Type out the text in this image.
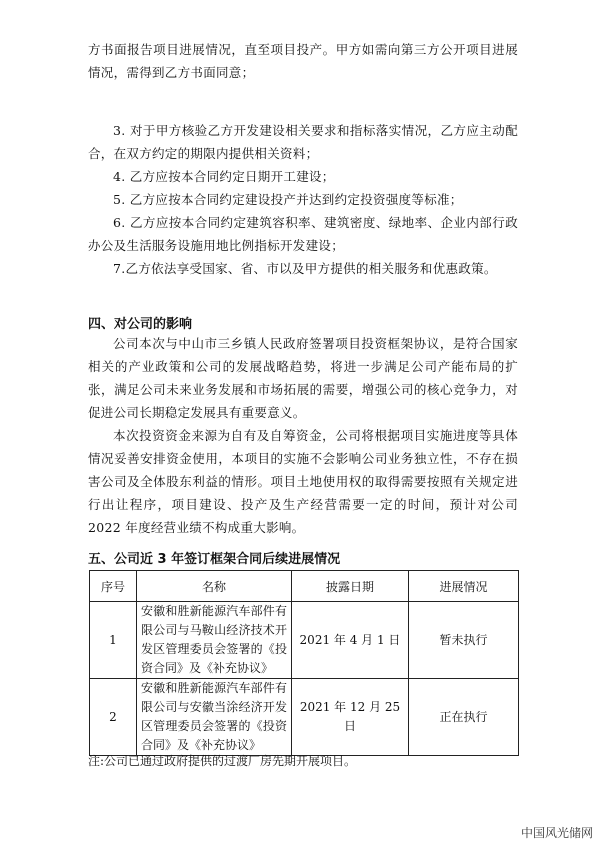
方书面报告项目进展情况，直至项目投产。甲方如需向第三方公开项目进展情况，需得到乙方书面同意；

3. 对于甲方核验乙方开发建设相关要求和指标落实情况，乙方应主动配合，在双方约定的期限内提供相关资料；

4. 乙方应按本合同约定日期开工建设；

5. 乙方应按本合同约定建设投产并达到约定投资强度等标准；

6. 乙方应按本合同约定建筑容积率、建筑密度、绿地率、企业内部行政办公及生活服务设施用地比例指标开发建设；

7.乙方依法享受国家、省、市以及甲方提供的相关服务和优惠政策。

四、对公司的影响

公司本次与中山市三乡镇人民政府签署项目投资框架协议，是符合国家相关的产业政策和公司的发展战略趋势，将进一步满足公司产能布局的扩张，满足公司未来业务发展和市场拓展的需要，增强公司的核心竞争力，对促进公司长期稳定发展具有重要意义。

本次投资资金来源为自有及自筹资金，公司将根据项目实施进度等具体情况妥善安排资金使用，本项目的实施不会影响公司业务独立性，不存在损害公司及全体股东利益的情形。项目土地使用权的取得需要按照有关规定进行出让程序，项目建设、投产及生产经营需要一定的时间，预计对公司 2022 年度经营业绩不构成重大影响。

五、公司近 3 年签订框架合同后续进展情况
序号	名称	披露日期	进展情况
1	安徽和胜新能源汽车部件有限公司与马鞍山经济技术开发区管理委员会签署的《投资合同》及《补充协议》	2021 年 4 月 1 日	暂未执行
2	安徽和胜新能源汽车部件有限公司与安徽当涂经济开发区管理委员会签署的《投资合同》及《补充协议》	2021 年 12 月 25 日	正在执行

注:公司已通过政府提供的过渡厂房先期开展项目。

中国风光储网
